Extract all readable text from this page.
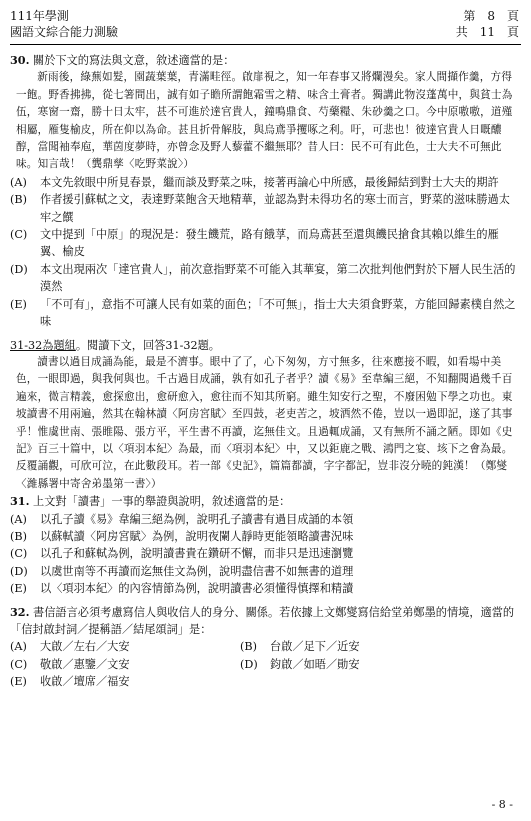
111年學測
國語文綜合能力測驗
第　8　頁
共　11　頁

30. 關於下文的寫法與文意，敘述適當的是：

新雨後，綠蕪如髮，園蔬葉葉，青滿畦徑。啟扉視之，知一年春事又將爛漫矣。家人間擷作羹，方得一飽。野香拂拂，從七箸間出，誠有如子瞻所謂飽霜雪之精、味含土膏者。獨講此物沒蓬萬中，與貧士為伍，寒窗一齋，勝十日太牢，甚不可進於達官貴人，鐘鳴鼎食、芍藥糧、朱砂羹之口。今中原嗷嗷，道殣相屬，雁隻榆皮，所在仰以為命。甚且折骨解肢，與烏鳶爭攫啄之利。吁，可悲也！彼達官貴人日嘅醲醇，當聞袖奉庖，華茵度夢時，亦曾念及野人藜藿不繼無耶？昔人曰：民不可有此色，士大夫不可無此味。知言哉！（龔鼎孳〈吃野菜說〉）

(A) 本文先敘眼中所見春景，繼而談及野菜之味，接著再論心中所感，最後歸結到對士大夫的期許

(B) 作者援引蘇軾之文，表達野菜飽含天地精華，並認為對未得功名的寒士而言，野菜的滋味勝過太牢之饌

(C) 文中提到「中原」的現況是：發生饑荒，路有餓莩，而烏鳶甚至還與饑民搶食其賴以維生的雁翼、榆皮

(D) 本文出現兩次「達官貴人」，前次意指野菜不可能入其華宴，第二次批判他們對於下層人民生活的漠然

(E) 「不可有」，意指不可讓人民有如菜的面色；「不可無」，指士大夫須食野菜，方能回歸素樸自然之味

31-32為題組。閱讀下文，回答31-32題。

讀書以過目成誦為能，最是不濟事。眼中了了，心下匆匆，方寸無多，往來應接不暇，如看場中美色，一眼即過，與我何與也。千古過目成誦，孰有如孔子者乎？讀《易》至韋編三絕，不知翻閱過幾千百遍來，微言精義，愈探愈出，愈研愈入，愈往而不知其所窮。雖生知安行之聖，不廢困勉下學之功也。東坡讀書不用兩遍，然其在翰林讀〈阿房宮賦〉至四鼓，老吏苦之，坡洒然不倦，豈以一過即記，遂了其事乎！惟虞世南、張睢陽、張方平，平生書不再讀，迄無佳文。且過輒成誦，又有無所不誦之陋。即如《史記》百三十篇中，以〈項羽本紀〉為最，而〈項羽本紀〉中，又以鉅鹿之戰、鴻門之宴、垓下之會為最。反覆誦觀，可欣可泣，在此數段耳。若一部《史記》，篇篇都讀，字字都記，豈非沒分曉的鈍漢！（鄭燮〈濰縣署中寄舍弟墨第一書〉）

31. 上文對「讀書」一事的舉證與說明，敘述適當的是：

(A) 以孔子讀《易》韋編三絕為例，說明孔子讀書有過目成誦的本領

(B) 以蘇軾讀〈阿房宮賦〉為例，說明夜闌人靜時更能領略讀書況味

(C) 以孔子和蘇軾為例，說明讀書貴在鑽研不懈，而非只是迅速瀏覽

(D) 以虞世南等不再讀而迄無佳文為例，說明盡信書不如無書的道理

(E) 以〈項羽本紀〉的內容情節為例，說明讀書必須懂得慎擇和精讀

32. 書信語言必須考慮寫信人與收信人的身分、關係。若依據上文鄭燮寫信給堂弟鄭墨的情境，適當的「信封啟封詞／提稱語／結尾頌詞」是：

(A) 大啟／左右／大安	(B) 台啟／足下／近安

(C) 敬啟／惠鑒／文安	(D) 鈞啟／如晤／勛安

(E) 收啟／壇席／福安

- 8 -
